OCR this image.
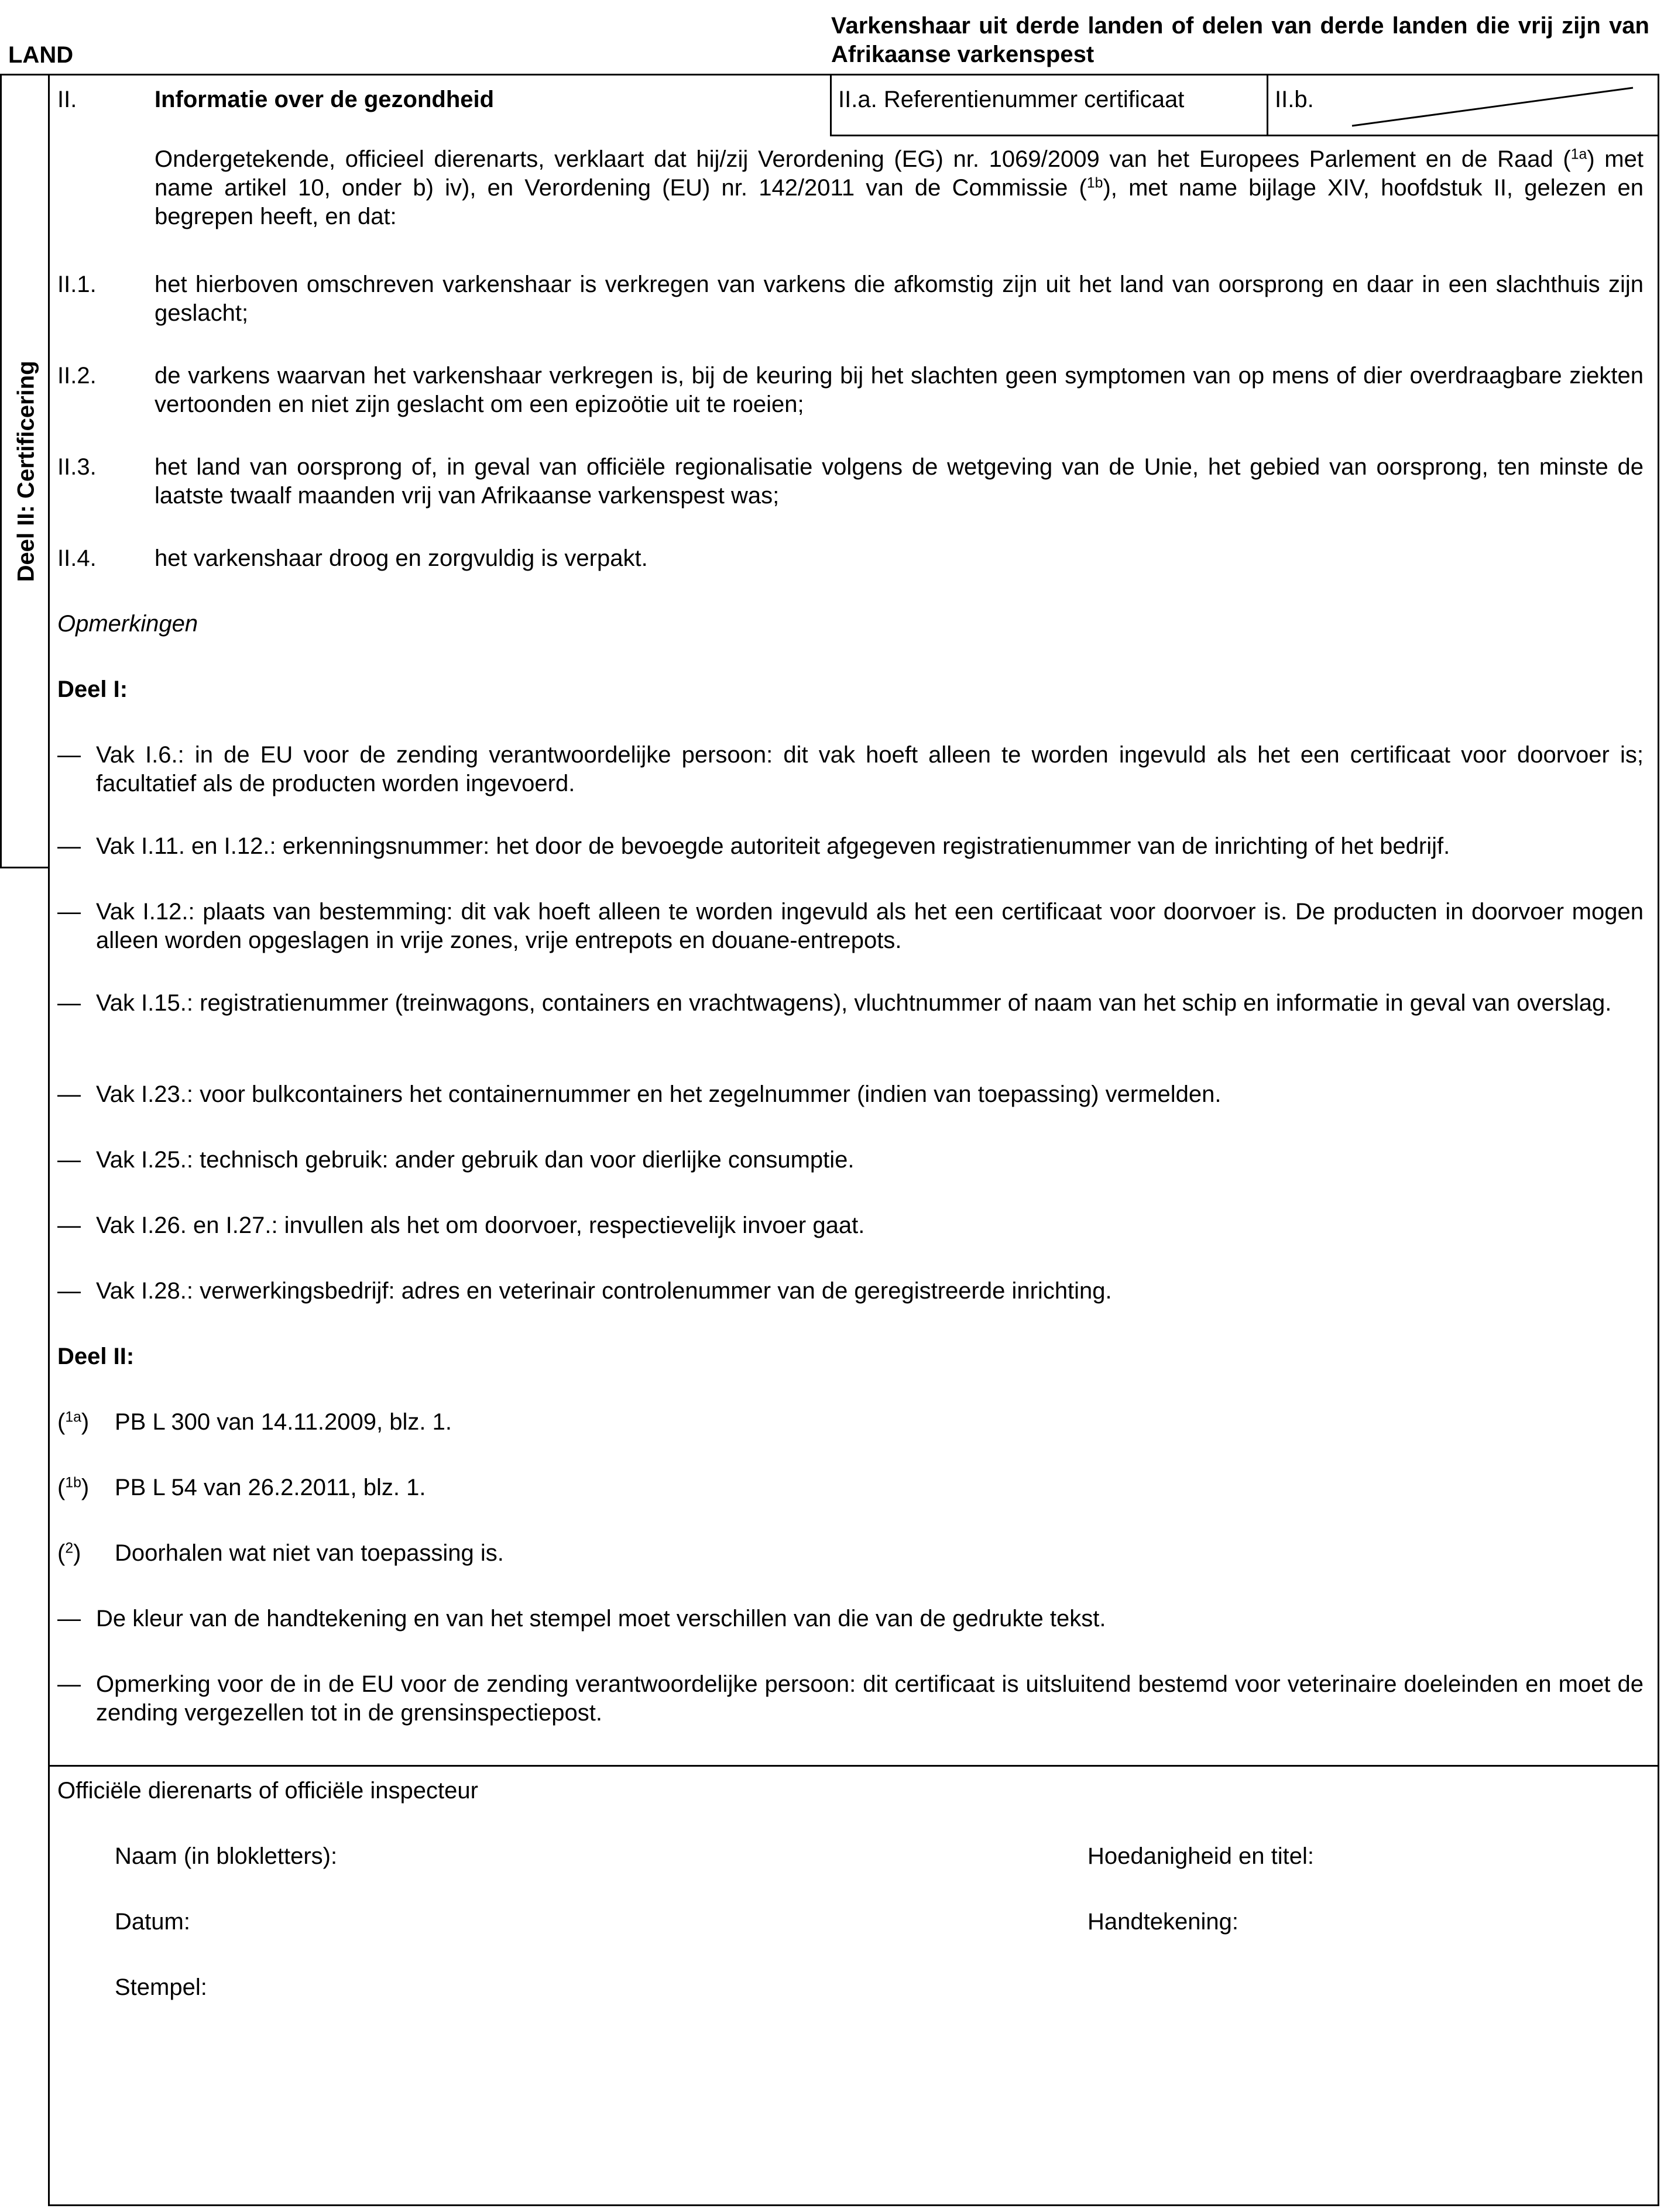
LAND
Varkenshaar uit derde landen of delen van derde landen die vrij zijn van Afrikaanse varkenspest
Deel II: Certificering
II.	Informatie over de gezondheid	II.a. Referentienummer certificaat	II.b.
Ondergetekende, officieel dierenarts, verklaart dat hij/zij Verordening (EG) nr. 1069/2009 van het Europees Parlement en de Raad ($^{1a}$) met name artikel 10, onder b) iv), en Verordening (EU) nr. 142/2011 van de Commissie ($^{1b}$), met name bijlage XIV, hoofdstuk II, gelezen en begrepen heeft, en dat:
II.1. het hierboven omschreven varkenshaar is verkregen van varkens die afkomstig zijn uit het land van oorsprong en daar in een slachthuis zijn geslacht;
II.2. de varkens waarvan het varkenshaar verkregen is, bij de keuring bij het slachten geen symptomen van op mens of dier overdraagbare ziekten vertoonden en niet zijn geslacht om een epizoötie uit te roeien;
II.3. het land van oorsprong of, in geval van officiële regionalisatie volgens de wetgeving van de Unie, het gebied van oorsprong, ten minste de laatste twaalf maanden vrij van Afrikaanse varkenspest was;
II.4. het varkenshaar droog en zorgvuldig is verpakt.
Opmerkingen
Deel I:
— Vak I.6.: in de EU voor de zending verantwoordelijke persoon: dit vak hoeft alleen te worden ingevuld als het een certificaat voor doorvoer is; facultatief als de producten worden ingevoerd.
— Vak I.11. en I.12.: erkenningsnummer: het door de bevoegde autoriteit afgegeven registratienummer van de inrichting of het bedrijf.
— Vak I.12.: plaats van bestemming: dit vak hoeft alleen te worden ingevuld als het een certificaat voor doorvoer is. De producten in doorvoer mogen alleen worden opgeslagen in vrije zones, vrije entrepots en douane-entrepots.
— Vak I.15.: registratienummer (treinwagons, containers en vrachtwagens), vluchtnummer of naam van het schip en informatie in geval van overslag.
— Vak I.23.: voor bulkcontainers het containernummer en het zegelnummer (indien van toepassing) vermelden.
— Vak I.25.: technisch gebruik: ander gebruik dan voor dierlijke consumptie.
— Vak I.26. en I.27.: invullen als het om doorvoer, respectievelijk invoer gaat.
— Vak I.28.: verwerkingsbedrijf: adres en veterinair controlenummer van de geregistreerde inrichting.
Deel II:
($^{1a}$) PB L 300 van 14.11.2009, blz. 1.
($^{1b}$) PB L 54 van 26.2.2011, blz. 1.
($^2$) Doorhalen wat niet van toepassing is.
— De kleur van de handtekening en van het stempel moet verschillen van die van de gedrukte tekst.
— Opmerking voor de in de EU voor de zending verantwoordelijke persoon: dit certificaat is uitsluitend bestemd voor veterinaire doeleinden en moet de zending vergezellen tot in de grensinspectiepost.
Officiële dierenarts of officiële inspecteur
Naam (in blokletters):	Hoedanigheid en titel:
Datum:	Handtekening:
Stempel:
